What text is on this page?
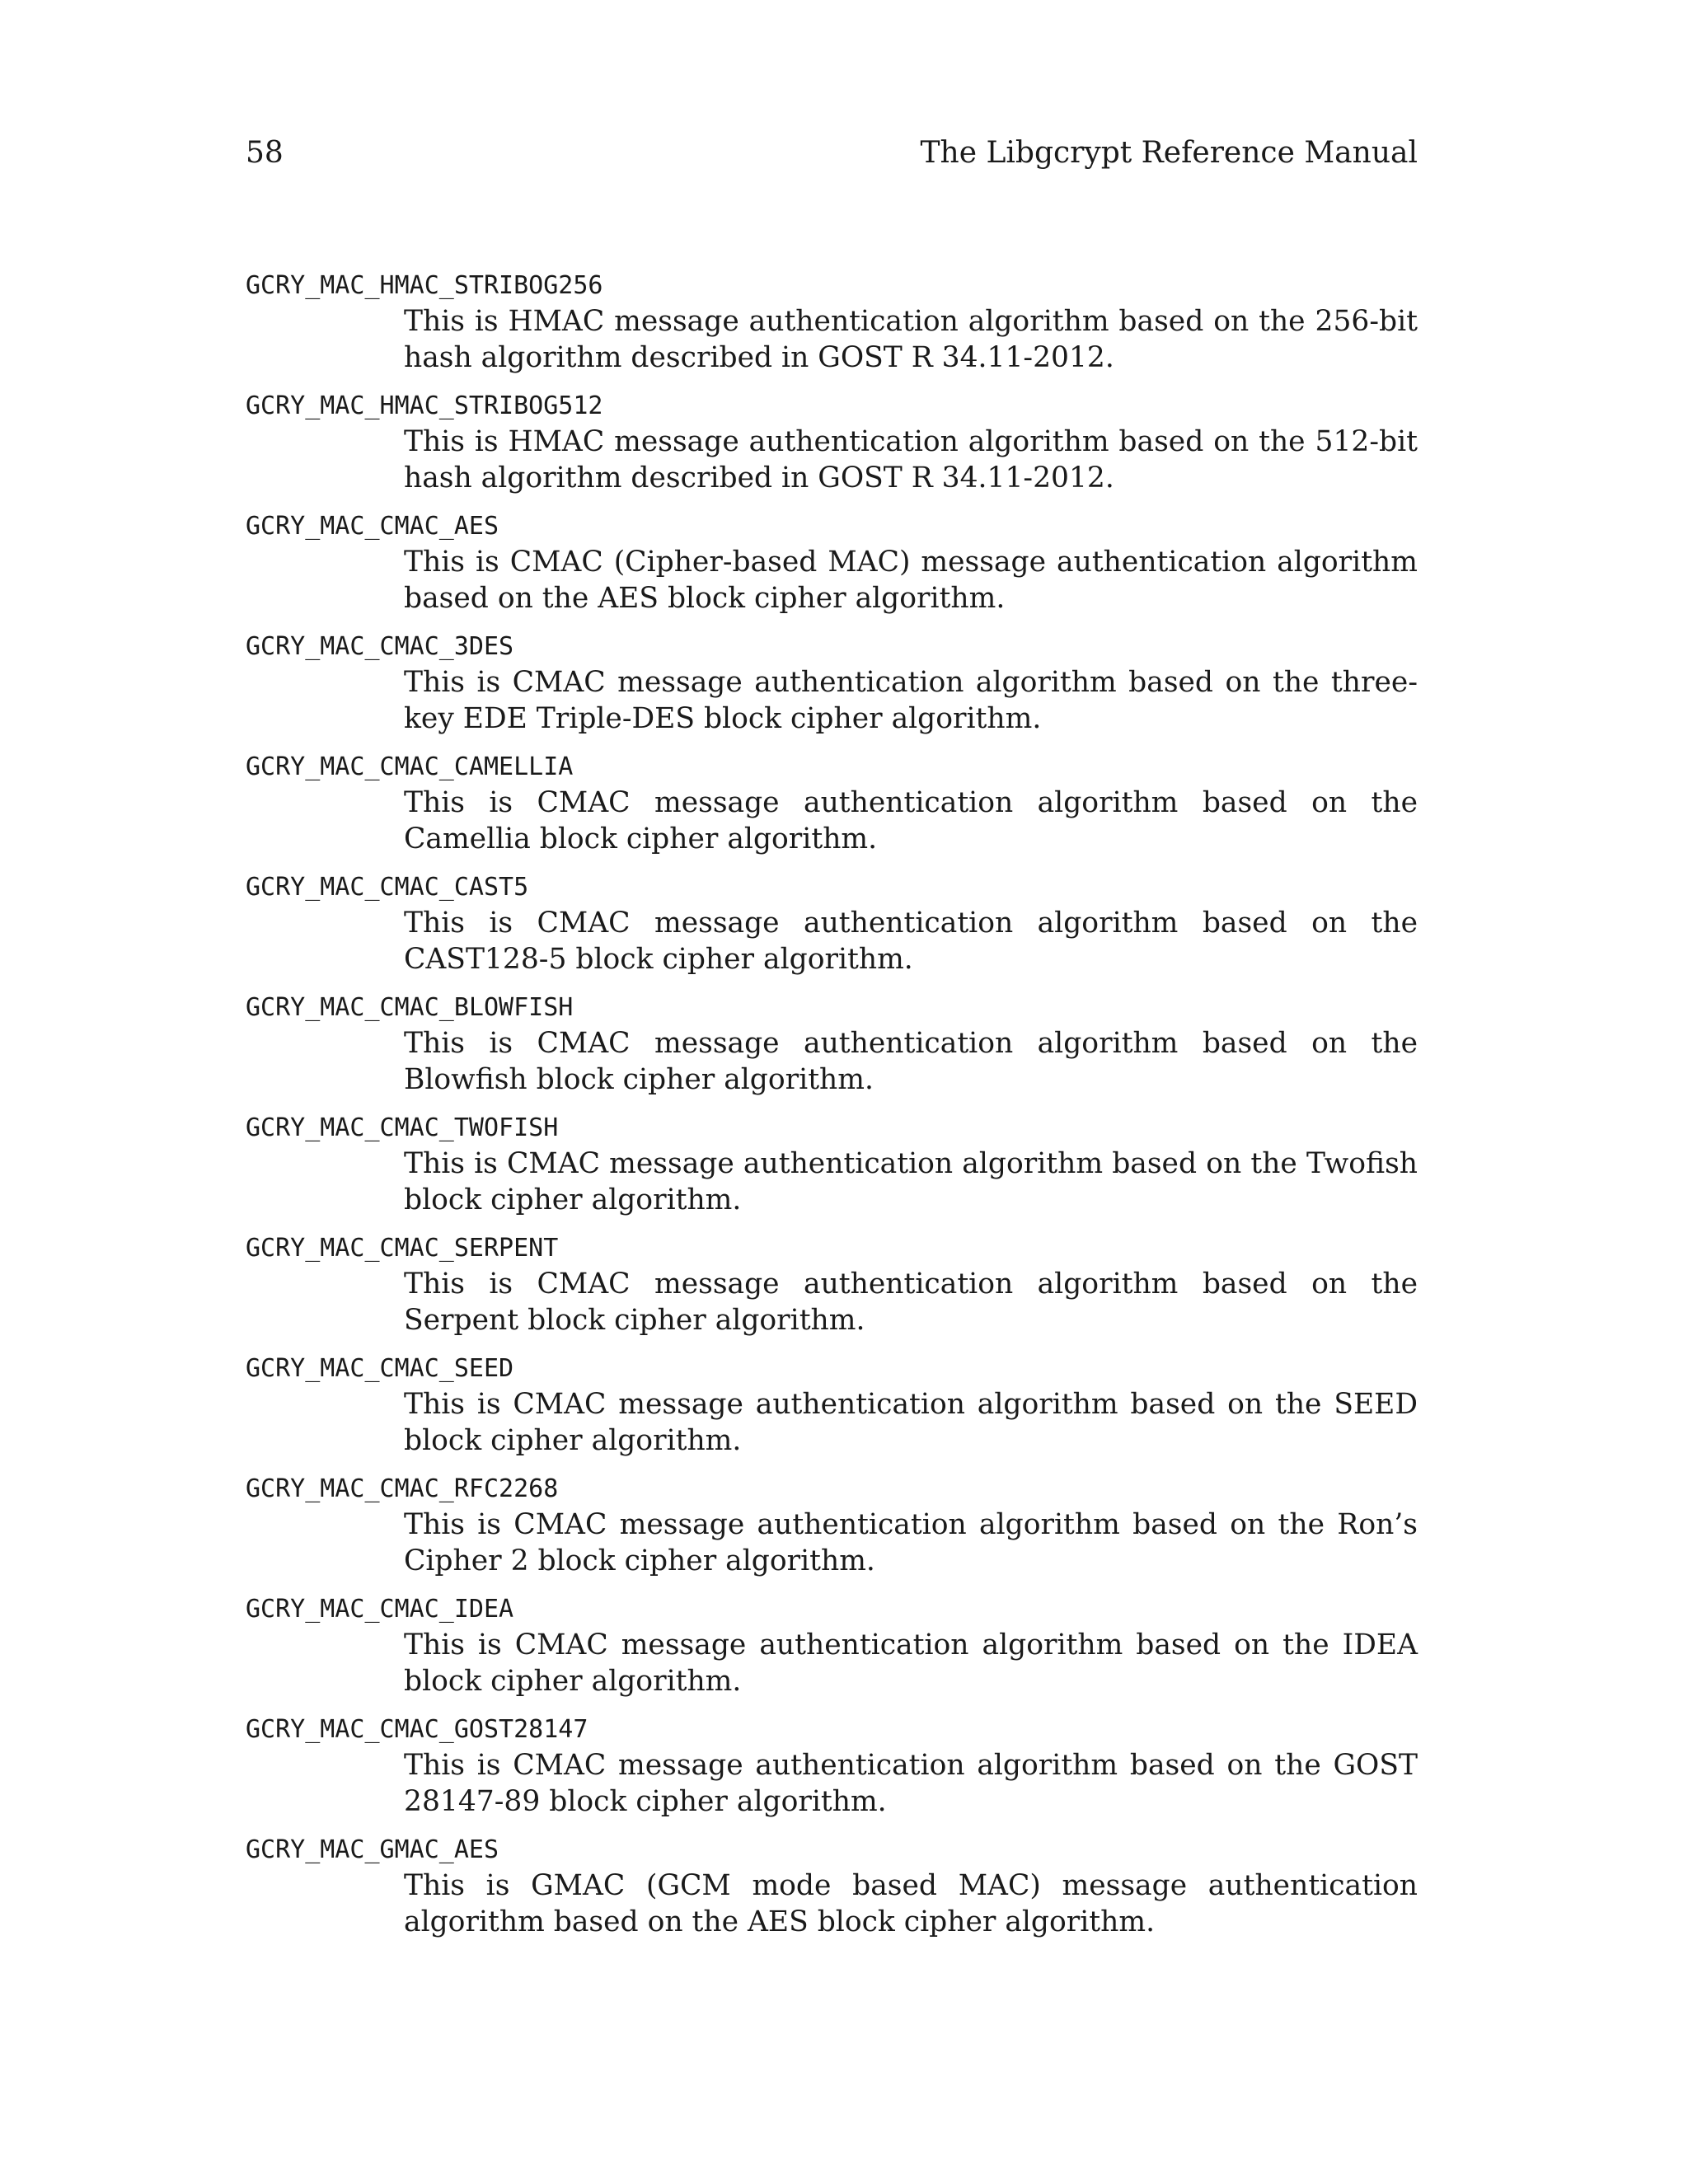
58	The Libgcrypt Reference Manual
GCRY_MAC_HMAC_STRIBOG256
This is HMAC message authentication algorithm based on the 256-bit hash algorithm described in GOST R 34.11-2012.
GCRY_MAC_HMAC_STRIBOG512
This is HMAC message authentication algorithm based on the 512-bit hash algorithm described in GOST R 34.11-2012.
GCRY_MAC_CMAC_AES
This is CMAC (Cipher-based MAC) message authentication algorithm based on the AES block cipher algorithm.
GCRY_MAC_CMAC_3DES
This is CMAC message authentication algorithm based on the three-key EDE Triple-DES block cipher algorithm.
GCRY_MAC_CMAC_CAMELLIA
This is CMAC message authentication algorithm based on the Camellia block cipher algorithm.
GCRY_MAC_CMAC_CAST5
This is CMAC message authentication algorithm based on the CAST128-5 block cipher algorithm.
GCRY_MAC_CMAC_BLOWFISH
This is CMAC message authentication algorithm based on the Blowfish block cipher algorithm.
GCRY_MAC_CMAC_TWOFISH
This is CMAC message authentication algorithm based on the Twofish block cipher algorithm.
GCRY_MAC_CMAC_SERPENT
This is CMAC message authentication algorithm based on the Serpent block cipher algorithm.
GCRY_MAC_CMAC_SEED
This is CMAC message authentication algorithm based on the SEED block cipher algorithm.
GCRY_MAC_CMAC_RFC2268
This is CMAC message authentication algorithm based on the Ron’s Cipher 2 block cipher algorithm.
GCRY_MAC_CMAC_IDEA
This is CMAC message authentication algorithm based on the IDEA block cipher algorithm.
GCRY_MAC_CMAC_GOST28147
This is CMAC message authentication algorithm based on the GOST 28147-89 block cipher algorithm.
GCRY_MAC_GMAC_AES
This is GMAC (GCM mode based MAC) message authentication algorithm based on the AES block cipher algorithm.
